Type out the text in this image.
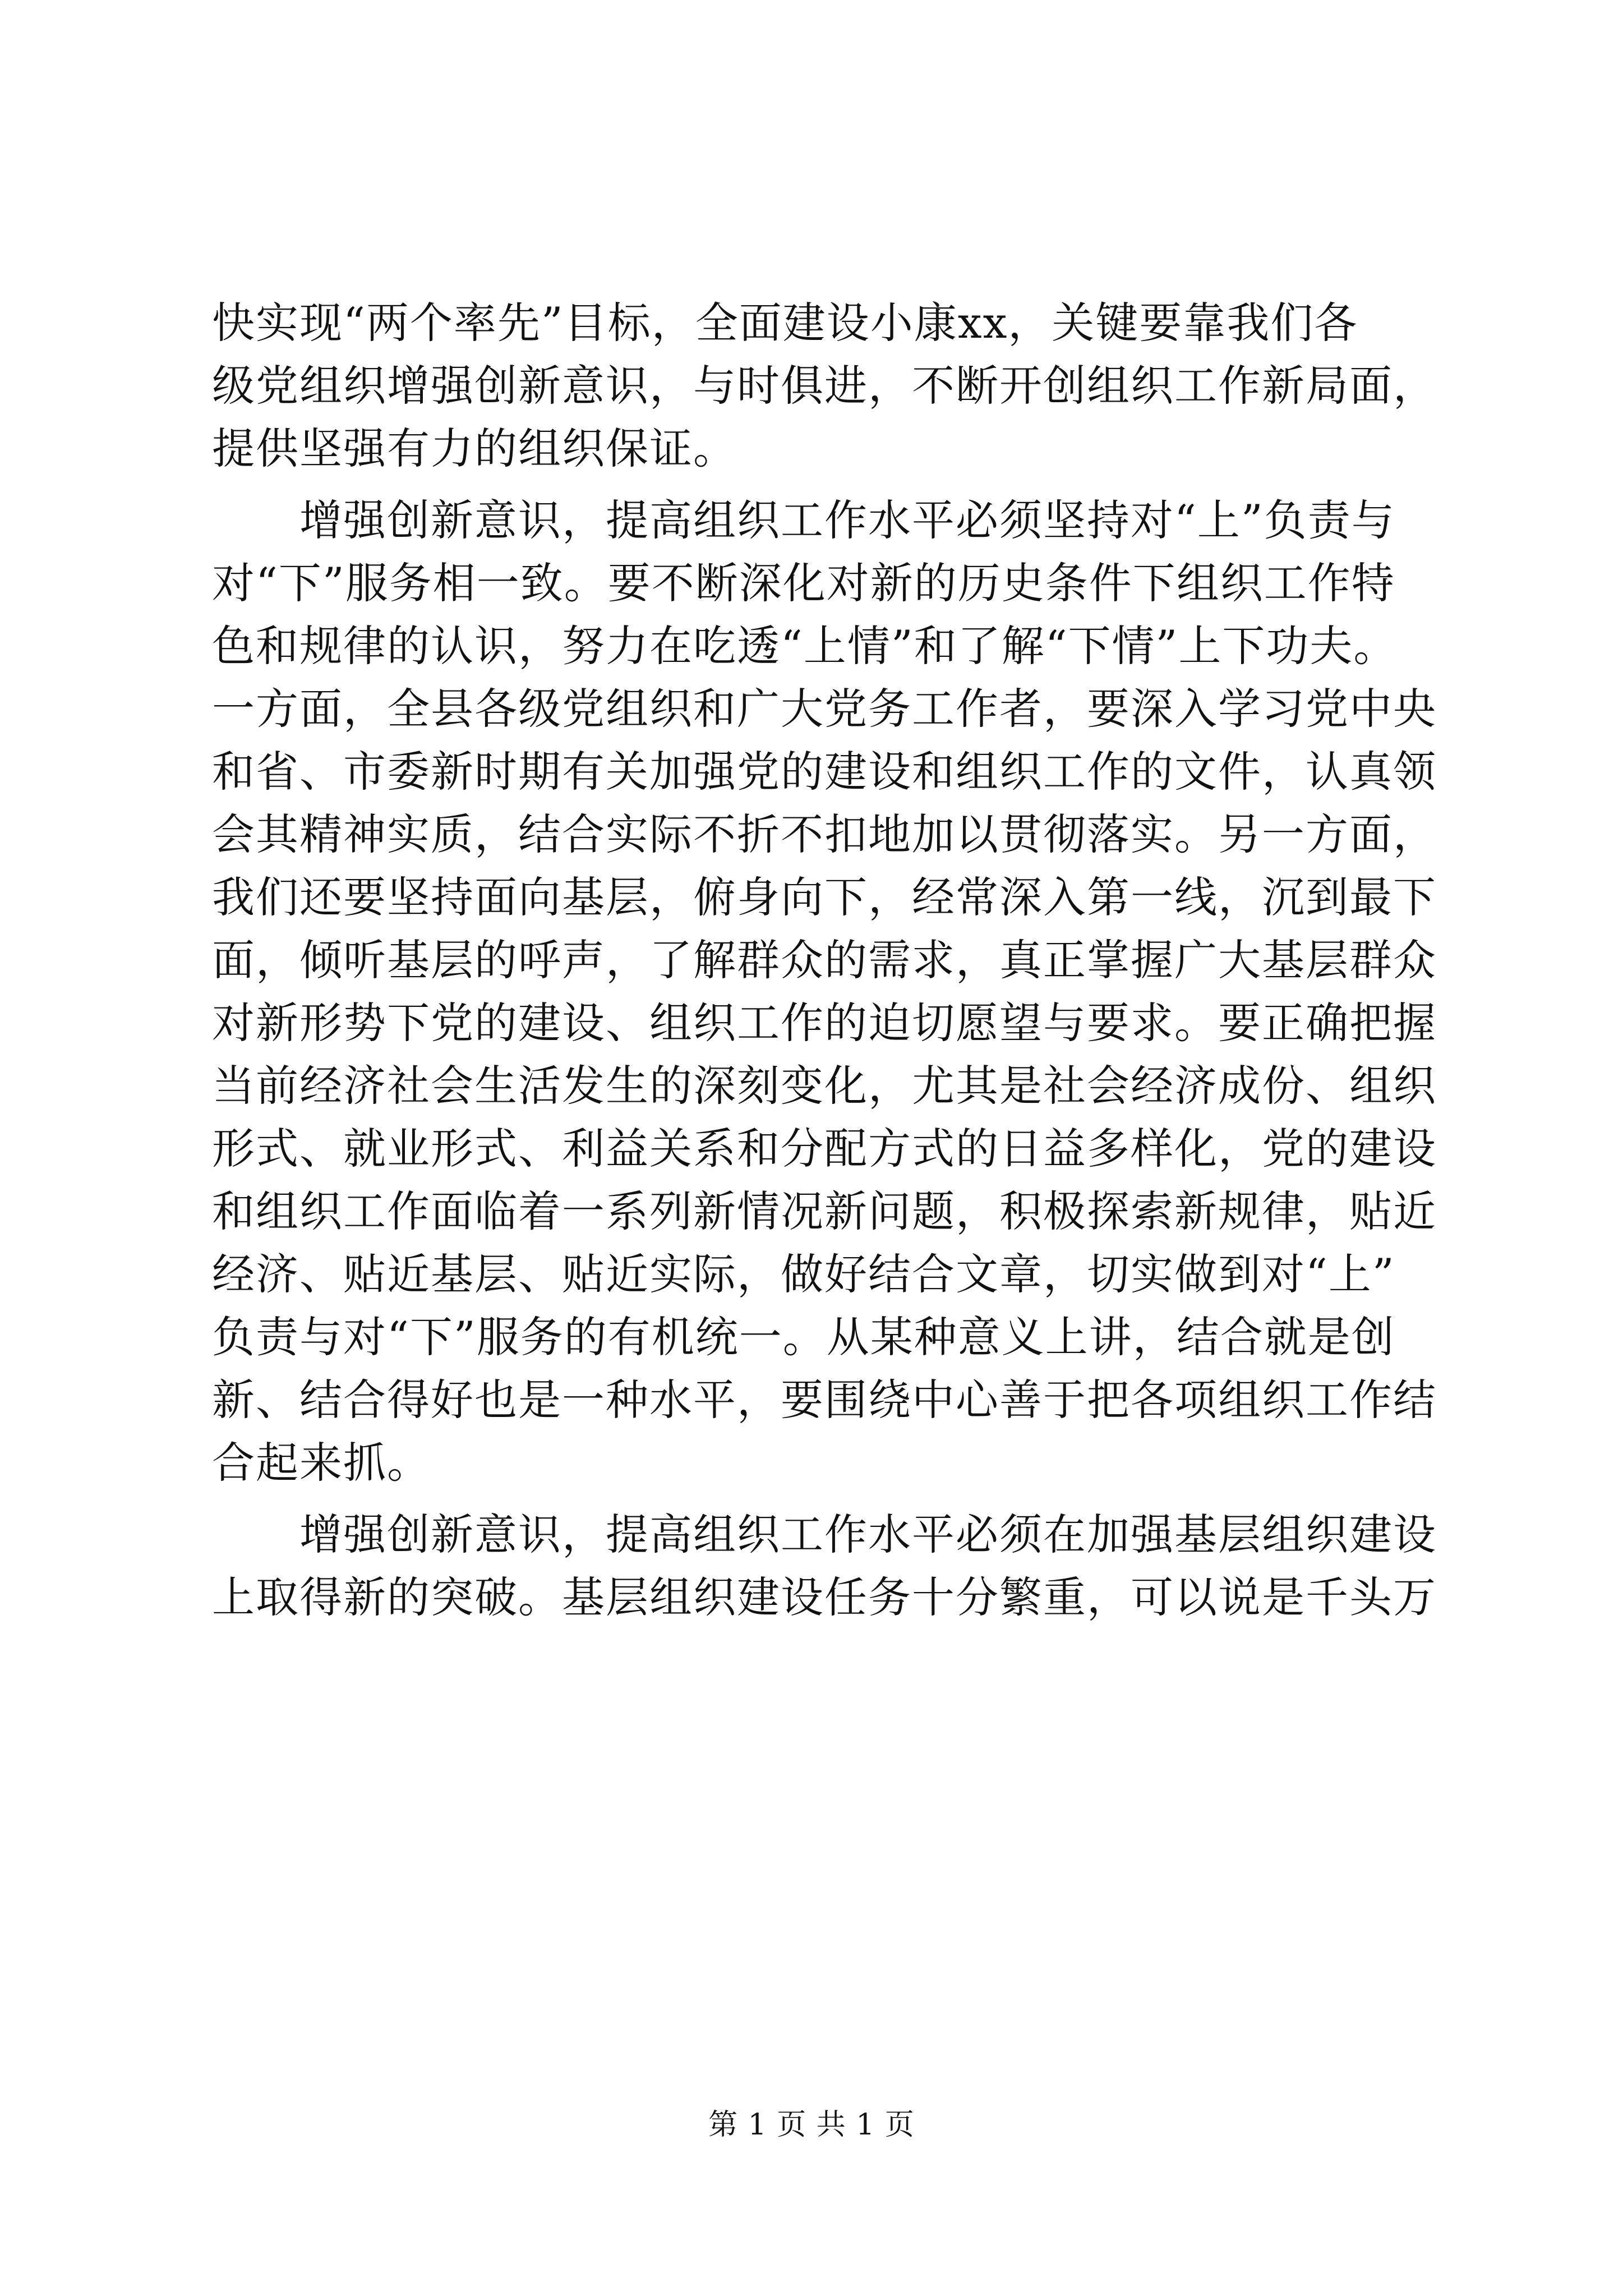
快实现“两个率先”目标，全面建设小康xx，关键要靠我们各
级党组织增强创新意识，与时俱进，不断开创组织工作新局面，
提供坚强有力的组织保证。
　　增强创新意识，提高组织工作水平必须坚持对“上”负责与
对“下”服务相一致。要不断深化对新的历史条件下组织工作特
色和规律的认识，努力在吃透“上情”和了解“下情”上下功夫。
一方面，全县各级党组织和广大党务工作者，要深入学习党中央
和省、市委新时期有关加强党的建设和组织工作的文件，认真领
会其精神实质，结合实际不折不扣地加以贯彻落实。另一方面，
我们还要坚持面向基层，俯身向下，经常深入第一线，沉到最下
面，倾听基层的呼声，了解群众的需求，真正掌握广大基层群众
对新形势下党的建设、组织工作的迫切愿望与要求。要正确把握
当前经济社会生活发生的深刻变化，尤其是社会经济成份、组织
形式、就业形式、利益关系和分配方式的日益多样化，党的建设
和组织工作面临着一系列新情况新问题，积极探索新规律，贴近
经济、贴近基层、贴近实际，做好结合文章，切实做到对“上”
负责与对“下”服务的有机统一。从某种意义上讲，结合就是创
新、结合得好也是一种水平，要围绕中心善于把各项组织工作结
合起来抓。
　　增强创新意识，提高组织工作水平必须在加强基层组织建设
上取得新的突破。基层组织建设任务十分繁重，可以说是千头万
第 1 页 共 1 页
